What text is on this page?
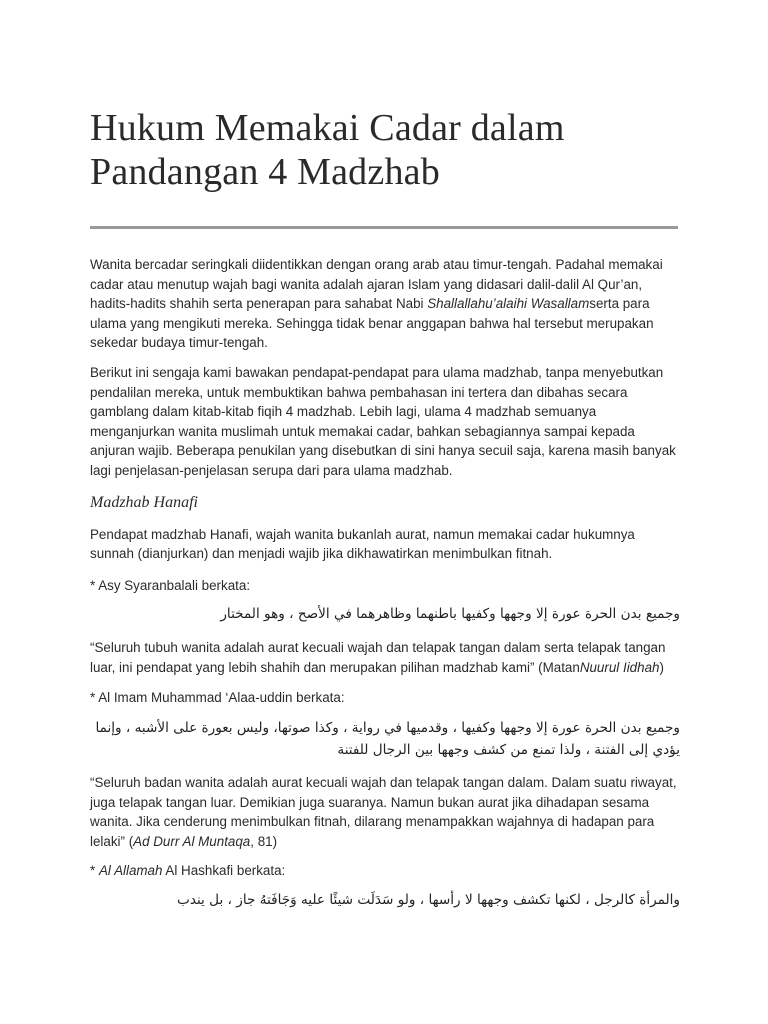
Hukum Memakai Cadar dalam
Pandangan 4 Madzhab

Wanita bercadar seringkali diidentikkan dengan orang arab atau timur-tengah. Padahal memakai cadar atau menutup wajah bagi wanita adalah ajaran Islam yang didasari dalil-dalil Al Qur’an, hadits-hadits shahih serta penerapan para sahabat Nabi Shallallahu’alaihi Wasallamserta para ulama yang mengikuti mereka. Sehingga tidak benar anggapan bahwa hal tersebut merupakan sekedar budaya timur-tengah.

Berikut ini sengaja kami bawakan pendapat-pendapat para ulama madzhab, tanpa menyebutkan pendalilan mereka, untuk membuktikan bahwa pembahasan ini tertera dan dibahas secara gamblang dalam kitab-kitab fiqih 4 madzhab. Lebih lagi, ulama 4 madzhab semuanya menganjurkan wanita muslimah untuk memakai cadar, bahkan sebagiannya sampai kepada anjuran wajib. Beberapa penukilan yang disebutkan di sini hanya secuil saja, karena masih banyak lagi penjelasan-penjelasan serupa dari para ulama madzhab.

Madzhab Hanafi

Pendapat madzhab Hanafi, wajah wanita bukanlah aurat, namun memakai cadar hukumnya sunnah (dianjurkan) dan menjadi wajib jika dikhawatirkan menimbulkan fitnah.

* Asy Syaranbalali berkata:

وجميع بدن الحرة عورة إلا وجهها وكفيها باطنهما وظاهرهما في الأصح ، وهو المختار

“Seluruh tubuh wanita adalah aurat kecuali wajah dan telapak tangan dalam serta telapak tangan luar, ini pendapat yang lebih shahih dan merupakan pilihan madzhab kami” (MatanNuurul Iidhah)

* Al Imam Muhammad ‘Alaa-uddin berkata:

وجميع بدن الحرة عورة إلا وجهها وكفيها ، وقدميها في رواية ، وكذا صوتها، وليس بعورة على الأشبه ، وإنما يؤدي إلى الفتنة ، ولذا تمنع من كشف وجهها بين الرجال للفتنة

“Seluruh badan wanita adalah aurat kecuali wajah dan telapak tangan dalam. Dalam suatu riwayat, juga telapak tangan luar. Demikian juga suaranya. Namun bukan aurat jika dihadapan sesama wanita. Jika cenderung menimbulkan fitnah, dilarang menampakkan wajahnya di hadapan para lelaki” (Ad Durr Al Muntaqa, 81)

* Al Allamah Al Hashkafi berkata:

والمرأة كالرجل ، لكنها تكشف وجهها لا رأسها ، ولو سَدَلَت شيئًا عليه وَجَافَتهُ جاز ، بل يندب
